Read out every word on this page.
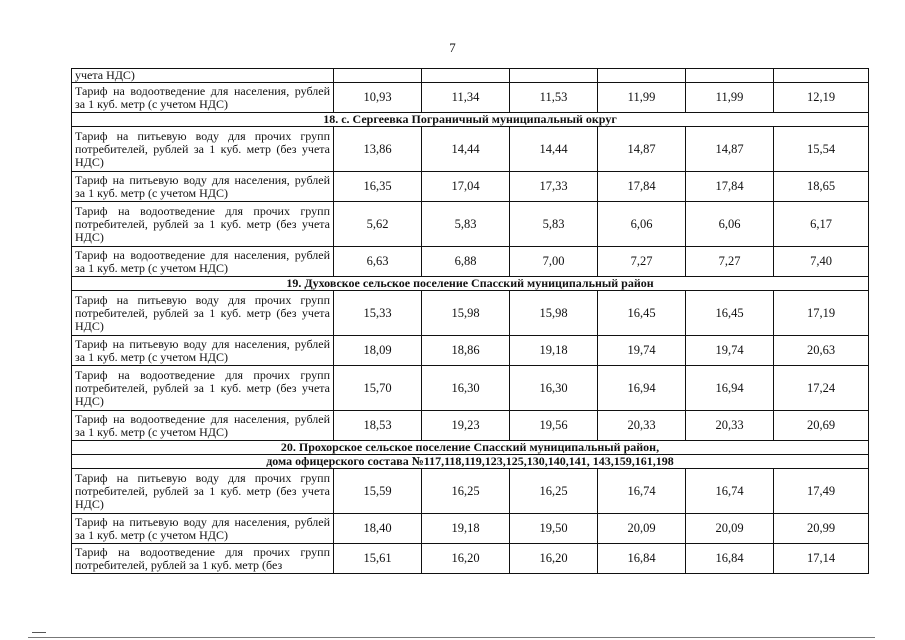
7
учета НДС)						
Тариф на водоотведение для населения, рублей за 1 куб. метр (с учетом НДС)	10,93	11,34	11,53	11,99	11,99	12,19
18. с. Сергеевка Пограничный муниципальный округ						
Тариф на питьевую воду для прочих групп потребителей, рублей за 1 куб. метр (без учета НДС)	13,86	14,44	14,44	14,87	14,87	15,54
Тариф на питьевую воду для населения, рублей за 1 куб. метр (с учетом НДС)	16,35	17,04	17,33	17,84	17,84	18,65
Тариф на водоотведение для прочих групп потребителей, рублей за 1 куб. метр (без учета НДС)	5,62	5,83	5,83	6,06	6,06	6,17
Тариф на водоотведение для населения, рублей за 1 куб. метр (с учетом НДС)	6,63	6,88	7,00	7,27	7,27	7,40
19. Духовское сельское поселение Спасский муниципальный район						
Тариф на питьевую воду для прочих групп потребителей, рублей за 1 куб. метр (без учета НДС)	15,33	15,98	15,98	16,45	16,45	17,19
Тариф на питьевую воду для населения, рублей за 1 куб. метр (с учетом НДС)	18,09	18,86	19,18	19,74	19,74	20,63
Тариф на водоотведение для прочих групп потребителей, рублей за 1 куб. метр (без учета НДС)	15,70	16,30	16,30	16,94	16,94	17,24
Тариф на водоотведение для населения, рублей за 1 куб. метр (с учетом НДС)	18,53	19,23	19,56	20,33	20,33	20,69
20. Прохорское сельское поселение Спасский муниципальный район,						
дома офицерского состава №117,118,119,123,125,130,140,141, 143,159,161,198						
Тариф на питьевую воду для прочих групп потребителей, рублей за 1 куб. метр (без учета НДС)	15,59	16,25	16,25	16,74	16,74	17,49
Тариф на питьевую воду для населения, рублей за 1 куб. метр (с учетом НДС)	18,40	19,18	19,50	20,09	20,09	20,99
Тариф на водоотведение для прочих групп потребителей, рублей за 1 куб. метр (без	15,61	16,20	16,20	16,84	16,84	17,14
